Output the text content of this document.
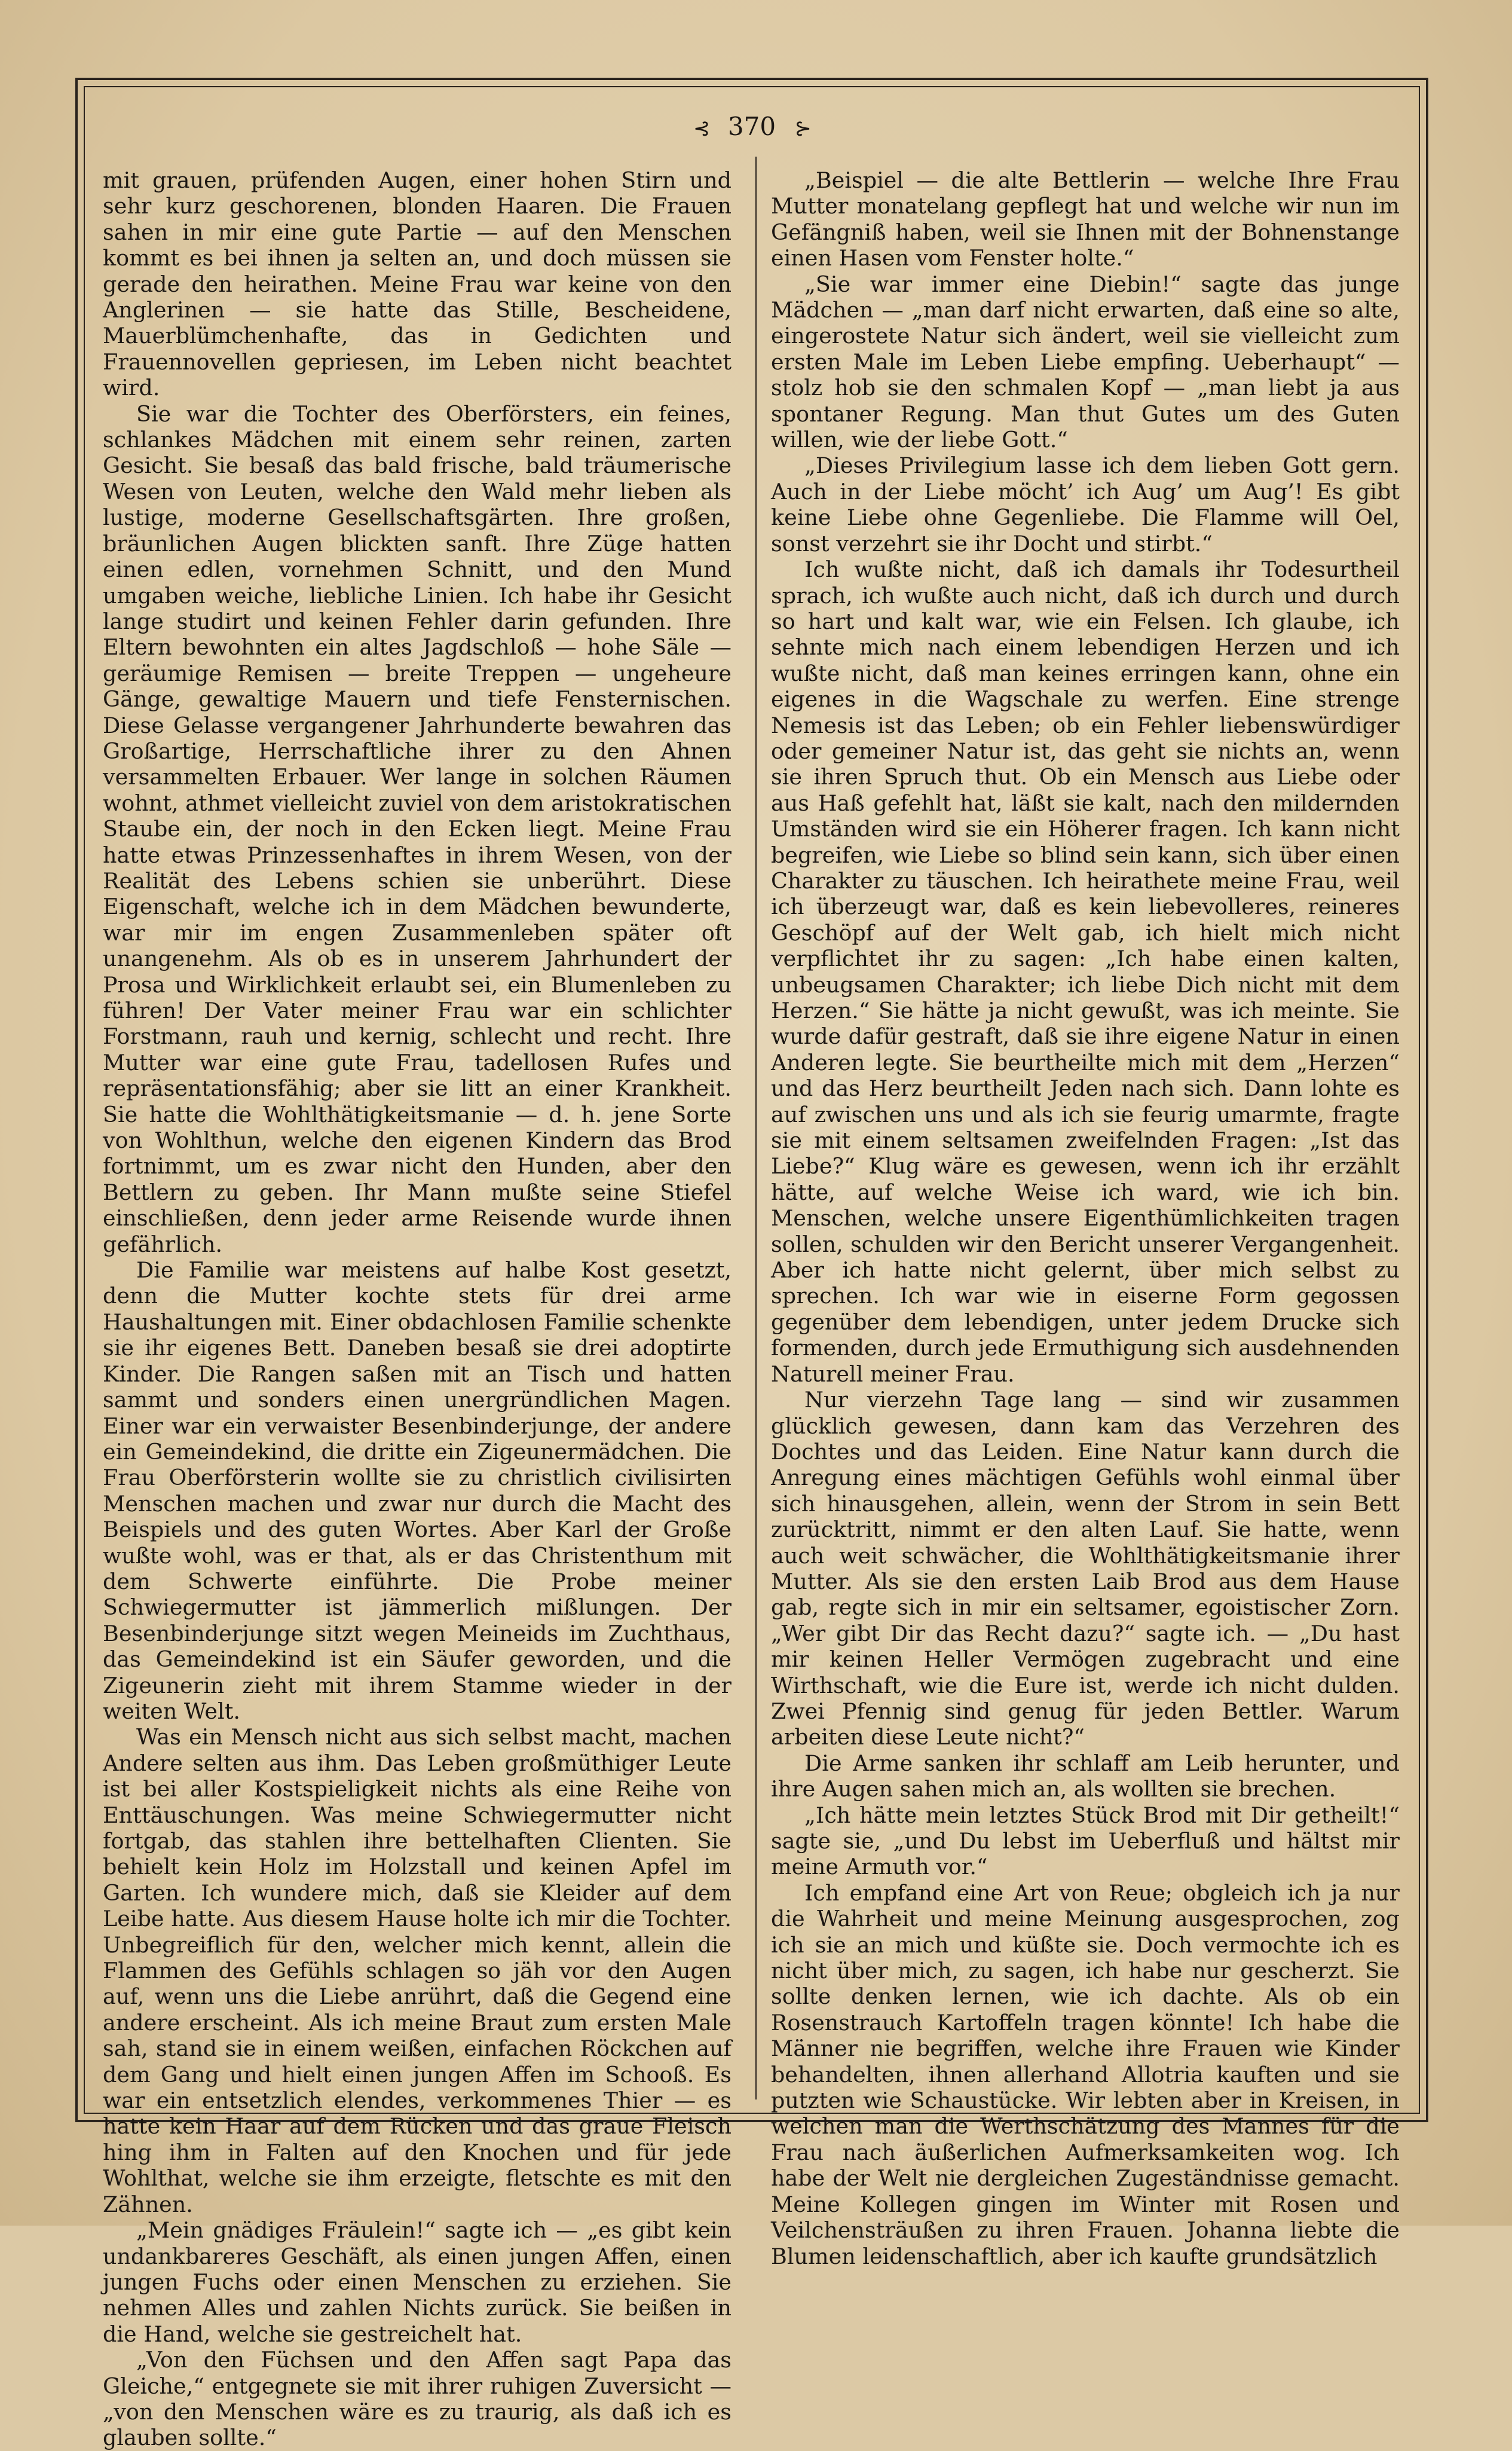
⊰ 370 ⊱

mit grauen, prüfenden Augen, einer hohen Stirn und sehr kurz geschorenen, blonden Haaren. Die Frauen sahen in mir eine gute Partie — auf den Menschen kommt es bei ihnen ja selten an, und doch müssen sie gerade den heirathen. Meine Frau war keine von den Anglerinen — sie hatte das Stille, Bescheidene, Mauerblümchenhafte, das in Gedichten und Frauennovellen gepriesen, im Leben nicht beachtet wird.

Sie war die Tochter des Oberförsters, ein feines, schlankes Mädchen mit einem sehr reinen, zarten Gesicht. Sie besaß das bald frische, bald träumerische Wesen von Leuten, welche den Wald mehr lieben als lustige, moderne Gesellschaftsgärten. Ihre großen, bräunlichen Augen blickten sanft. Ihre Züge hatten einen edlen, vornehmen Schnitt, und den Mund umgaben weiche, liebliche Linien. Ich habe ihr Gesicht lange studirt und keinen Fehler darin gefunden. Ihre Eltern bewohnten ein altes Jagdschloß — hohe Säle — geräumige Remisen — breite Treppen — ungeheure Gänge, gewaltige Mauern und tiefe Fensternischen. Diese Gelasse vergangener Jahrhunderte bewahren das Großartige, Herrschaftliche ihrer zu den Ahnen versammelten Erbauer. Wer lange in solchen Räumen wohnt, athmet vielleicht zuviel von dem aristokratischen Staube ein, der noch in den Ecken liegt. Meine Frau hatte etwas Prinzessenhaftes in ihrem Wesen, von der Realität des Lebens schien sie unberührt. Diese Eigenschaft, welche ich in dem Mädchen bewunderte, war mir im engen Zusammenleben später oft unangenehm. Als ob es in unserem Jahrhundert der Prosa und Wirklichkeit erlaubt sei, ein Blumenleben zu führen! Der Vater meiner Frau war ein schlichter Forstmann, rauh und kernig, schlecht und recht. Ihre Mutter war eine gute Frau, tadellosen Rufes und repräsentationsfähig; aber sie litt an einer Krankheit. Sie hatte die Wohlthätigkeitsmanie — d. h. jene Sorte von Wohlthun, welche den eigenen Kindern das Brod fortnimmt, um es zwar nicht den Hunden, aber den Bettlern zu geben. Ihr Mann mußte seine Stiefel einschließen, denn jeder arme Reisende wurde ihnen gefährlich.

Die Familie war meistens auf halbe Kost gesetzt, denn die Mutter kochte stets für drei arme Haushaltungen mit. Einer obdachlosen Familie schenkte sie ihr eigenes Bett. Daneben besaß sie drei adoptirte Kinder. Die Rangen saßen mit an Tisch und hatten sammt und sonders einen unergründlichen Magen. Einer war ein verwaister Besenbinderjunge, der andere ein Gemeindekind, die dritte ein Zigeunermädchen. Die Frau Oberförsterin wollte sie zu christlich civilisirten Menschen machen und zwar nur durch die Macht des Beispiels und des guten Wortes. Aber Karl der Große wußte wohl, was er that, als er das Christenthum mit dem Schwerte einführte. Die Probe meiner Schwiegermutter ist jämmerlich mißlungen. Der Besenbinderjunge sitzt wegen Meineids im Zuchthaus, das Gemeindekind ist ein Säufer geworden, und die Zigeunerin zieht mit ihrem Stamme wieder in der weiten Welt.

Was ein Mensch nicht aus sich selbst macht, machen Andere selten aus ihm. Das Leben großmüthiger Leute ist bei aller Kostspieligkeit nichts als eine Reihe von Enttäuschungen. Was meine Schwiegermutter nicht fortgab, das stahlen ihre bettelhaften Clienten. Sie behielt kein Holz im Holzstall und keinen Apfel im Garten. Ich wundere mich, daß sie Kleider auf dem Leibe hatte. Aus diesem Hause holte ich mir die Tochter. Unbegreiflich für den, welcher mich kennt, allein die Flammen des Gefühls schlagen so jäh vor den Augen auf, wenn uns die Liebe anrührt, daß die Gegend eine andere erscheint. Als ich meine Braut zum ersten Male sah, stand sie in einem weißen, einfachen Röckchen auf dem Gang und hielt einen jungen Affen im Schooß. Es war ein entsetzlich elendes, verkommenes Thier — es hatte kein Haar auf dem Rücken und das graue Fleisch hing ihm in Falten auf den Knochen und für jede Wohlthat, welche sie ihm erzeigte, fletschte es mit den Zähnen.

„Mein gnädiges Fräulein!“ sagte ich — „es gibt kein undankbareres Geschäft, als einen jungen Affen, einen jungen Fuchs oder einen Menschen zu erziehen. Sie nehmen Alles und zahlen Nichts zurück. Sie beißen in die Hand, welche sie gestreichelt hat.

„Von den Füchsen und den Affen sagt Papa das Gleiche,“ entgegnete sie mit ihrer ruhigen Zuversicht — „von den Menschen wäre es zu traurig, als daß ich es glauben sollte.“

„Beispiel — die alte Bettlerin — welche Ihre Frau Mutter monatelang gepflegt hat und welche wir nun im Gefängniß haben, weil sie Ihnen mit der Bohnenstange einen Hasen vom Fenster holte.“

„Sie war immer eine Diebin!“ sagte das junge Mädchen — „man darf nicht erwarten, daß eine so alte, eingerostete Natur sich ändert, weil sie vielleicht zum ersten Male im Leben Liebe empfing. Ueberhaupt“ — stolz hob sie den schmalen Kopf — „man liebt ja aus spontaner Regung. Man thut Gutes um des Guten willen, wie der liebe Gott.“

„Dieses Privilegium lasse ich dem lieben Gott gern. Auch in der Liebe möcht’ ich Aug’ um Aug’! Es gibt keine Liebe ohne Gegenliebe. Die Flamme will Oel, sonst verzehrt sie ihr Docht und stirbt.“

Ich wußte nicht, daß ich damals ihr Todesurtheil sprach, ich wußte auch nicht, daß ich durch und durch so hart und kalt war, wie ein Felsen. Ich glaube, ich sehnte mich nach einem lebendigen Herzen und ich wußte nicht, daß man keines erringen kann, ohne ein eigenes in die Wagschale zu werfen. Eine strenge Nemesis ist das Leben; ob ein Fehler liebenswürdiger oder gemeiner Natur ist, das geht sie nichts an, wenn sie ihren Spruch thut. Ob ein Mensch aus Liebe oder aus Haß gefehlt hat, läßt sie kalt, nach den mildernden Umständen wird sie ein Höherer fragen. Ich kann nicht begreifen, wie Liebe so blind sein kann, sich über einen Charakter zu täuschen. Ich heirathete meine Frau, weil ich überzeugt war, daß es kein liebevolleres, reineres Geschöpf auf der Welt gab, ich hielt mich nicht verpflichtet ihr zu sagen: „Ich habe einen kalten, unbeugsamen Charakter; ich liebe Dich nicht mit dem Herzen.“ Sie hätte ja nicht gewußt, was ich meinte. Sie wurde dafür gestraft, daß sie ihre eigene Natur in einen Anderen legte. Sie beurtheilte mich mit dem „Herzen“ und das Herz beurtheilt Jeden nach sich. Dann lohte es auf zwischen uns und als ich sie feurig umarmte, fragte sie mit einem seltsamen zweifelnden Fragen: „Ist das Liebe?“ Klug wäre es gewesen, wenn ich ihr erzählt hätte, auf welche Weise ich ward, wie ich bin. Menschen, welche unsere Eigenthümlichkeiten tragen sollen, schulden wir den Bericht unserer Vergangenheit. Aber ich hatte nicht gelernt, über mich selbst zu sprechen. Ich war wie in eiserne Form gegossen gegenüber dem lebendigen, unter jedem Drucke sich formenden, durch jede Ermuthigung sich ausdehnenden Naturell meiner Frau.

Nur vierzehn Tage lang — sind wir zusammen glücklich gewesen, dann kam das Verzehren des Dochtes und das Leiden. Eine Natur kann durch die Anregung eines mächtigen Gefühls wohl einmal über sich hinausgehen, allein, wenn der Strom in sein Bett zurücktritt, nimmt er den alten Lauf. Sie hatte, wenn auch weit schwächer, die Wohlthätigkeitsmanie ihrer Mutter. Als sie den ersten Laib Brod aus dem Hause gab, regte sich in mir ein seltsamer, egoistischer Zorn. „Wer gibt Dir das Recht dazu?“ sagte ich. — „Du hast mir keinen Heller Vermögen zugebracht und eine Wirthschaft, wie die Eure ist, werde ich nicht dulden. Zwei Pfennig sind genug für jeden Bettler. Warum arbeiten diese Leute nicht?“

Die Arme sanken ihr schlaff am Leib herunter, und ihre Augen sahen mich an, als wollten sie brechen.

„Ich hätte mein letztes Stück Brod mit Dir getheilt!“ sagte sie, „und Du lebst im Ueberfluß und hältst mir meine Armuth vor.“

Ich empfand eine Art von Reue; obgleich ich ja nur die Wahrheit und meine Meinung ausgesprochen, zog ich sie an mich und küßte sie. Doch vermochte ich es nicht über mich, zu sagen, ich habe nur gescherzt. Sie sollte denken lernen, wie ich dachte. Als ob ein Rosenstrauch Kartoffeln tragen könnte! Ich habe die Männer nie begriffen, welche ihre Frauen wie Kinder behandelten, ihnen allerhand Allotria kauften und sie putzten wie Schaustücke. Wir lebten aber in Kreisen, in welchen man die Werthschätzung des Mannes für die Frau nach äußerlichen Aufmerksamkeiten wog. Ich habe der Welt nie dergleichen Zugeständnisse gemacht. Meine Kollegen gingen im Winter mit Rosen und Veilchensträußen zu ihren Frauen. Johanna liebte die Blumen leidenschaftlich, aber ich kaufte grundsätzlich
